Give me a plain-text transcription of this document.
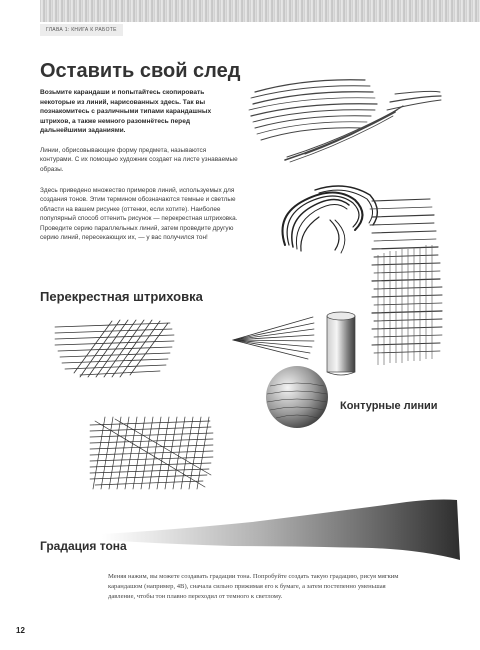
ГЛАВА 1: КНИГА К РАБОТЕ
Оставить свой след

Возьмите карандаши и попытайтесь скопировать некоторые из линий, нарисованных здесь. Так вы познакомитесь с различными типами карандашных штрихов, а также немного разомнётесь перед дальнейшими заданиями.

Линии, обрисовывающие форму предмета, называются контурами. С их помощью художник создает на листе узнаваемые образы.

Здесь приведено множество примеров линий, используемых для создания тонов. Этим термином обозначаются темные и светлые области на вашем рисунке (оттенки, если хотите). Наиболее популярный способ оттенить рисунок — перекрестная штриховка. Проведите серию параллельных линий, затем проведите другую серию линий, пересекающих их, — у вас получился тон!

Перекрестная штриховка
Контурные линии
Градация тона

Меняя нажим, вы можете создавать градации тона. Попробуйте создать такую градацию, рисуя мягким карандашом (например, 4B), сначала сильно прижимая его к бумаге, а затем постепенно уменьшая давление, чтобы тон плавно переходил от темного к светлому.

12
